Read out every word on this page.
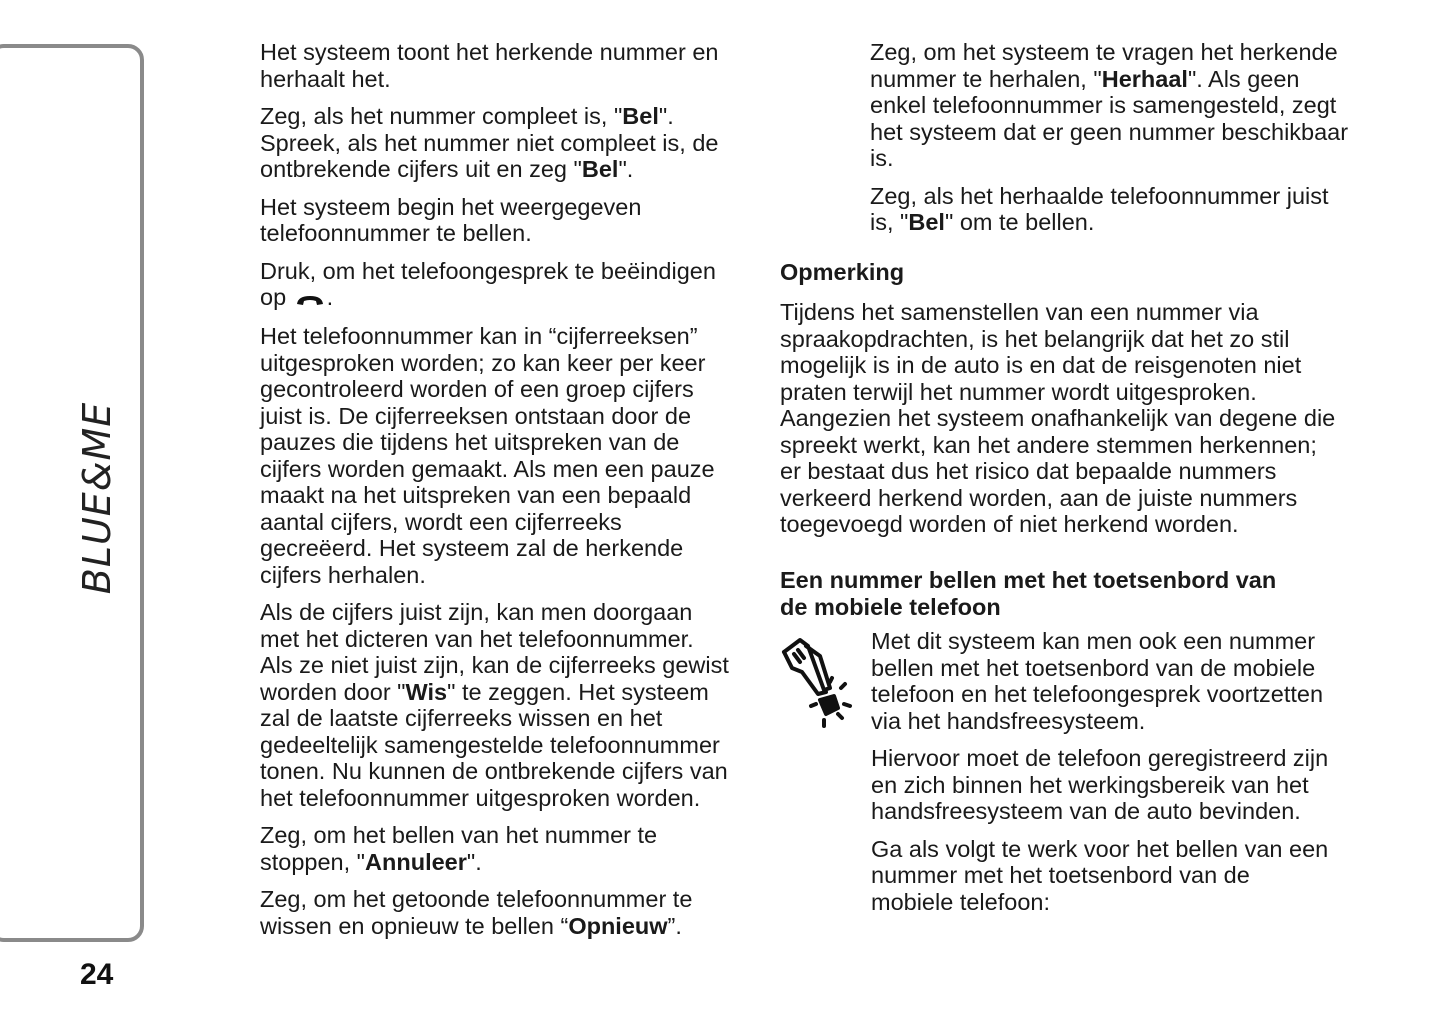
BLUE&ME
24

Het systeem toont het herkende nummer en
herhaalt het.

Zeg, als het nummer compleet is, "Bel".
Spreek, als het nummer niet compleet is, de
ontbrekende cijfers uit en zeg "Bel".

Het systeem begin het weergegeven
telefoonnummer te bellen.

Druk, om het telefoongesprek te beëindigen
op .

Het telefoonnummer kan in “cijferreeksen”
uitgesproken worden; zo kan keer per keer
gecontroleerd worden of een groep cijfers
juist is. De cijferreeksen ontstaan door de
pauzes die tijdens het uitspreken van de
cijfers worden gemaakt. Als men een pauze
maakt na het uitspreken van een bepaald
aantal cijfers, wordt een cijferreeks
gecreëerd. Het systeem zal de herkende
cijfers herhalen.

Als de cijfers juist zijn, kan men doorgaan
met het dicteren van het telefoonnummer.
Als ze niet juist zijn, kan de cijferreeks gewist
worden door "Wis" te zeggen. Het systeem
zal de laatste cijferreeks wissen en het
gedeeltelijk samengestelde telefoonnummer
tonen. Nu kunnen de ontbrekende cijfers van
het telefoonnummer uitgesproken worden.

Zeg, om het bellen van het nummer te
stoppen, "Annuleer".

Zeg, om het getoonde telefoonnummer te
wissen en opnieuw te bellen “Opnieuw”.

Zeg, om het systeem te vragen het herkende
nummer te herhalen, "Herhaal". Als geen
enkel telefoonnummer is samengesteld, zegt
het systeem dat er geen nummer beschikbaar
is.

Zeg, als het herhaalde telefoonnummer juist
is, "Bel" om te bellen.

Opmerking

Tijdens het samenstellen van een nummer via
spraakopdrachten, is het belangrijk dat het zo stil
mogelijk is in de auto is en dat de reisgenoten niet
praten terwijl het nummer wordt uitgesproken.
Aangezien het systeem onafhankelijk van degene die
spreekt werkt, kan het andere stemmen herkennen;
er bestaat dus het risico dat bepaalde nummers
verkeerd herkend worden, aan de juiste nummers
toegevoegd worden of niet herkend worden.

Een nummer bellen met het toetsenbord van
de mobiele telefoon

Met dit systeem kan men ook een nummer
bellen met het toetsenbord van de mobiele
telefoon en het telefoongesprek voortzetten
via het handsfreesysteem.

Hiervoor moet de telefoon geregistreerd zijn
en zich binnen het werkingsbereik van het
handsfreesysteem van de auto bevinden.

Ga als volgt te werk voor het bellen van een
nummer met het toetsenbord van de
mobiele telefoon:
